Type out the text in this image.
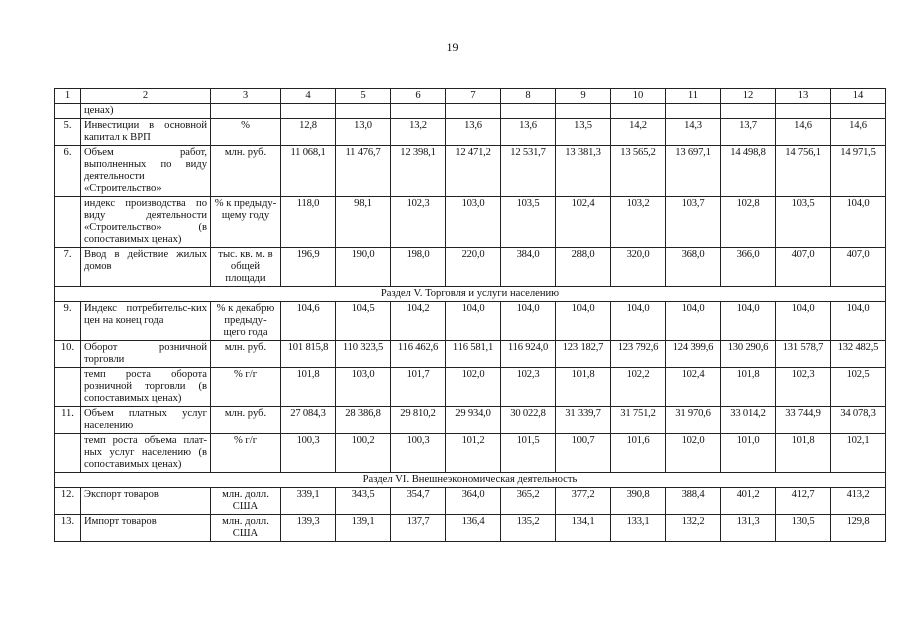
19
1	2	3	4	5	6	7	8	9	10	11	12	13	14
	ценах)												
5.	Инвестиции в основной капитал к ВРП	%	12,8	13,0	13,2	13,6	13,6	13,5	14,2	14,3	13,7	14,6	14,6
6.	Объем работ, выполненных по виду деятельности «Строительство»	млн. руб.	11 068,1	11 476,7	12 398,1	12 471,2	12 531,7	13 381,3	13 565,2	13 697,1	14 498,8	14 756,1	14 971,5
	индекс производства по виду деятельности «Строительство» (в сопоставимых ценах)	% к предыду-щему году	118,0	98,1	102,3	103,0	103,5	102,4	103,2	103,7	102,8	103,5	104,0
7.	Ввод в действие жилых домов	тыс. кв. м. в общей площади	196,9	190,0	198,0	220,0	384,0	288,0	320,0	368,0	366,0	407,0	407,0
Раздел V. Торговля и услуги населению													
9.	Индекс потребительс-ких цен на конец года	% к декабрю предыду-щего года	104,6	104,5	104,2	104,0	104,0	104,0	104,0	104,0	104,0	104,0	104,0
10.	Оборот розничной торговли	млн. руб.	101 815,8	110 323,5	116 462,6	116 581,1	116 924,0	123 182,7	123 792,6	124 399,6	130 290,6	131 578,7	132 482,5
	темп роста оборота розничной торговли (в сопоставимых ценах)	% г/г	101,8	103,0	101,7	102,0	102,3	101,8	102,2	102,4	101,8	102,3	102,5
11.	Объем платных услуг населению	млн. руб.	27 084,3	28 386,8	29 810,2	29 934,0	30 022,8	31 339,7	31 751,2	31 970,6	33 014,2	33 744,9	34 078,3
	темп роста объема плат-ных услуг населению (в сопоставимых ценах)	% г/г	100,3	100,2	100,3	101,2	101,5	100,7	101,6	102,0	101,0	101,8	102,1
Раздел VI. Внешнеэкономическая деятельность													
12.	Экспорт товаров	млн. долл. США	339,1	343,5	354,7	364,0	365,2	377,2	390,8	388,4	401,2	412,7	413,2
13.	Импорт товаров	млн. долл. США	139,3	139,1	137,7	136,4	135,2	134,1	133,1	132,2	131,3	130,5	129,8
